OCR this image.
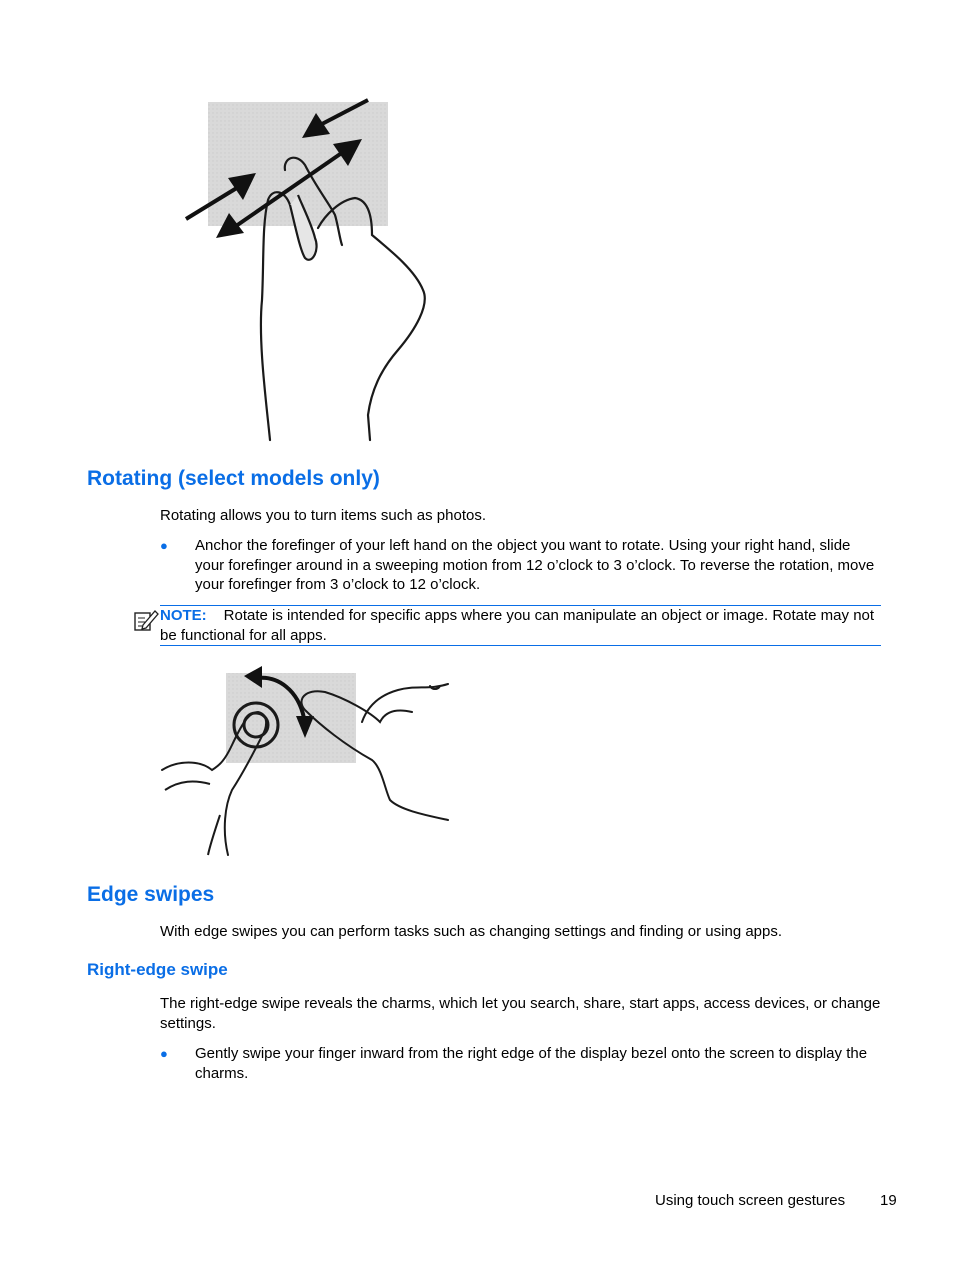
Rotating (select models only)

Rotating allows you to turn items such as photos.

● Anchor the forefinger of your left hand on the object you want to rotate. Using your right hand, slide your forefinger around in a sweeping motion from 12 o’clock to 3 o’clock. To reverse the rotation, move your forefinger from 3 o’clock to 12 o’clock.

NOTE: Rotate is intended for specific apps where you can manipulate an object or image. Rotate may not be functional for all apps.

Edge swipes

With edge swipes you can perform tasks such as changing settings and finding or using apps.

Right-edge swipe

The right-edge swipe reveals the charms, which let you search, share, start apps, access devices, or change settings.

● Gently swipe your finger inward from the right edge of the display bezel onto the screen to display the charms.

Using touch screen gestures 19
